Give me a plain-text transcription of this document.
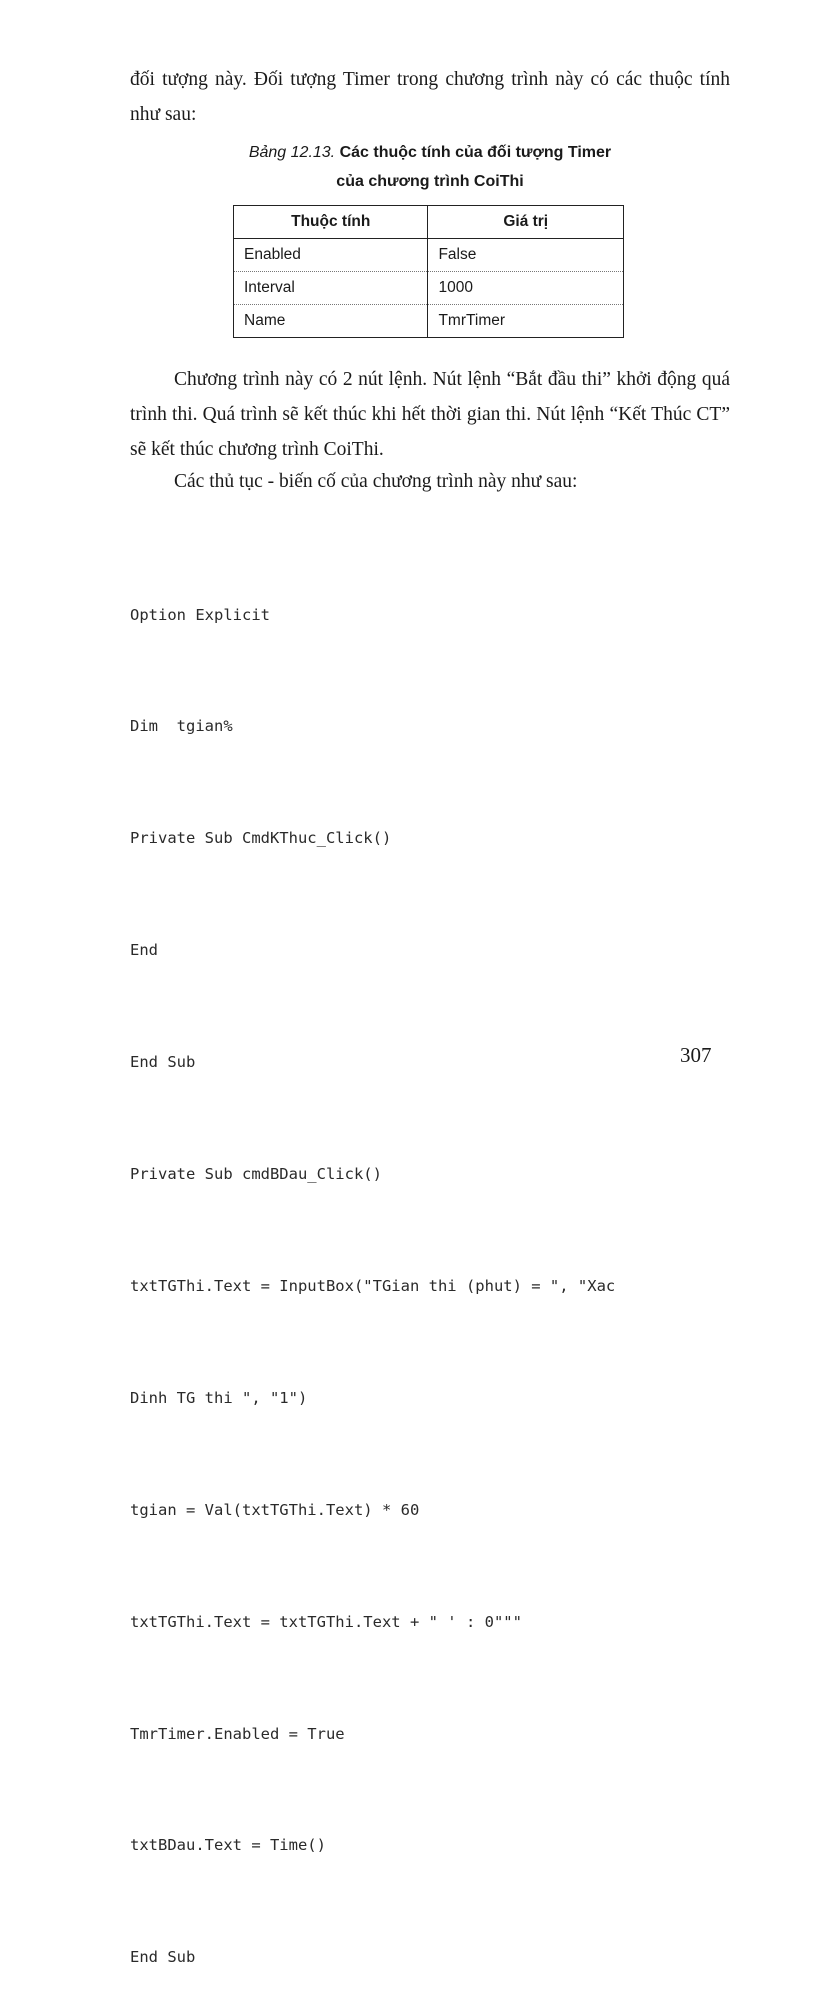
đối tượng này. Đối tượng Timer trong chương trình này có các thuộc tính như sau:

Bảng 12.13. Các thuộc tính của đối tượng Timer
của chương trình CoiThi
Thuộc tính	Giá trị
Enabled	False
Interval	1000
Name	TmrTimer

Chương trình này có 2 nút lệnh. Nút lệnh “Bắt đầu thi” khởi động quá trình thi. Quá trình sẽ kết thúc khi hết thời gian thi. Nút lệnh “Kết Thúc CT” sẽ kết thúc chương trình CoiThi.

Các thủ tục - biến cố của chương trình này như sau:

Option Explicit

Dim  tgian%

Private Sub CmdKThuc_Click()

End

End Sub

Private Sub cmdBDau_Click()

txtTGThi.Text = InputBox("TGian thi (phut) = ", "Xac

Dinh TG thi ", "1")

tgian = Val(txtTGThi.Text) * 60

txtTGThi.Text = txtTGThi.Text + " ' : 0"""

TmrTimer.Enabled = True

txtBDau.Text = Time()

End Sub

307
